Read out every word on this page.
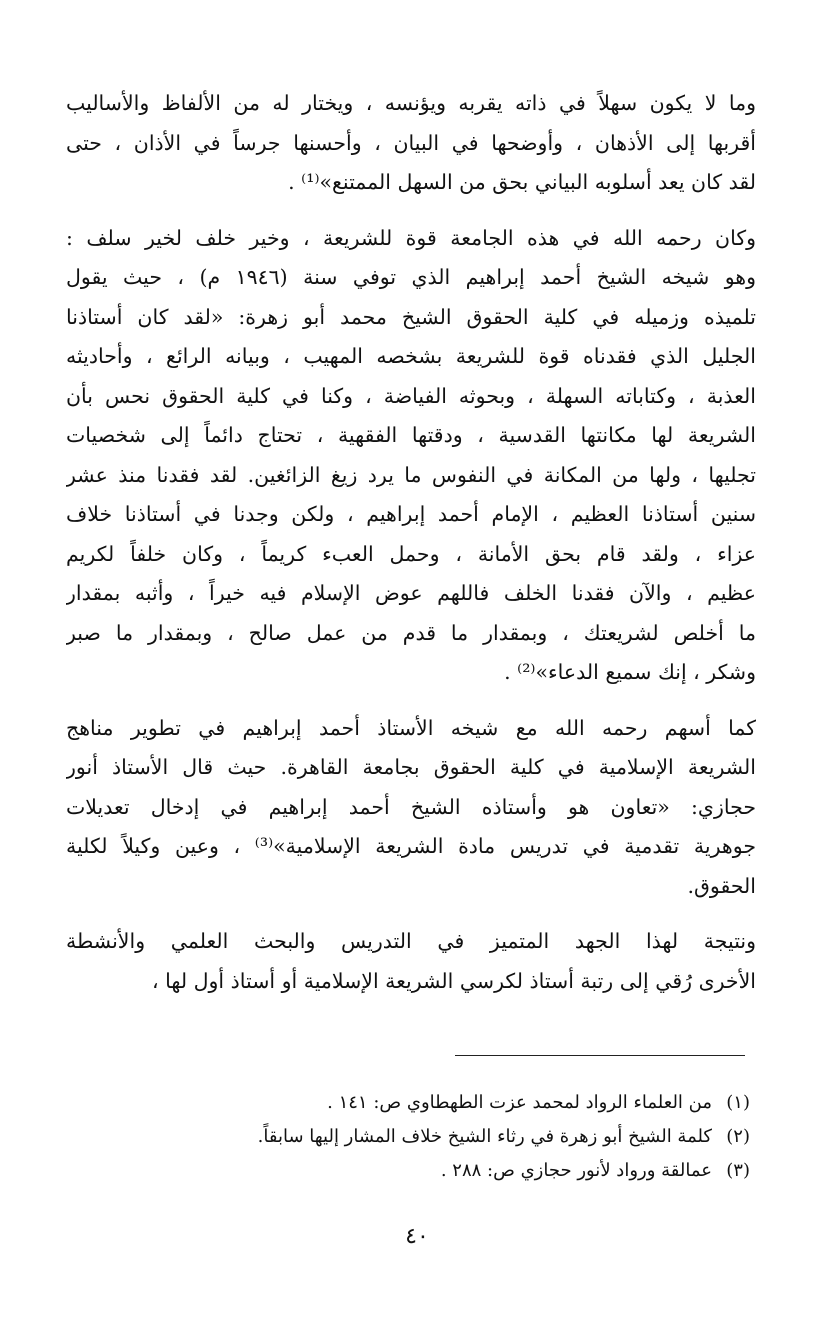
وما لا يكون سهلاً في ذاته يقربه ويؤنسه ، ويختار له من الألفاظ والأساليب
أقربها إلى الأذهان ، وأوضحها في البيان ، وأحسنها جرساً في الأذان ، حتى
لقد كان يعد أسلوبه البياني بحق من السهل الممتنع»⁽¹⁾ .
وكان رحمه الله في هذه الجامعة قوة للشريعة ، وخير خلف لخير سلف :
وهو شيخه الشيخ أحمد إبراهيم الذي توفي سنة (١٩٤٦ م) ، حيث يقول
تلميذه وزميله في كلية الحقوق الشيخ محمد أبو زهرة: «لقد كان أستاذنا
الجليل الذي فقدناه قوة للشريعة بشخصه المهيب ، وبيانه الرائع ، وأحاديثه
العذبة ، وكتاباته السهلة ، وبحوثه الفياضة ، وكنا في كلية الحقوق نحس بأن
الشريعة لها مكانتها القدسية ، ودقتها الفقهية ، تحتاج دائماً إلى شخصيات
تجليها ، ولها من المكانة في النفوس ما يرد زيغ الزائغين. لقد فقدنا منذ عشر
سنين أستاذنا العظيم ، الإمام أحمد إبراهيم ، ولكن وجدنا في أستاذنا خلاف
عزاء ، ولقد قام بحق الأمانة ، وحمل العبء كريماً ، وكان خلفاً لكريم
عظيم ، والآن فقدنا الخلف فاللهم عوض الإسلام فيه خيراً ، وأثبه بمقدار
ما أخلص لشريعتك ، وبمقدار ما قدم من عمل صالح ، وبمقدار ما صبر
وشكر ، إنك سميع الدعاء»⁽²⁾ .
كما أسهم رحمه الله مع شيخه الأستاذ أحمد إبراهيم في تطوير مناهج
الشريعة الإسلامية في كلية الحقوق بجامعة القاهرة. حيث قال الأستاذ أنور
حجازي: «تعاون هو وأستاذه الشيخ أحمد إبراهيم في إدخال تعديلات
جوهرية تقدمية في تدريس مادة الشريعة الإسلامية»⁽³⁾ ، وعين وكيلاً لكلية
الحقوق.
ونتيجة لهذا الجهد المتميز في التدريس والبحث العلمي والأنشطة
الأخرى رُقي إلى رتبة أستاذ لكرسي الشريعة الإسلامية أو أستاذ أول لها ،
(١)من العلماء الرواد لمحمد عزت الطهطاوي ص: ١٤١ .
(٢)كلمة الشيخ أبو زهرة في رثاء الشيخ خلاف المشار إليها سابقاً.
(٣)عمالقة ورواد لأنور حجازي ص: ٢٨٨ .
٤٠
